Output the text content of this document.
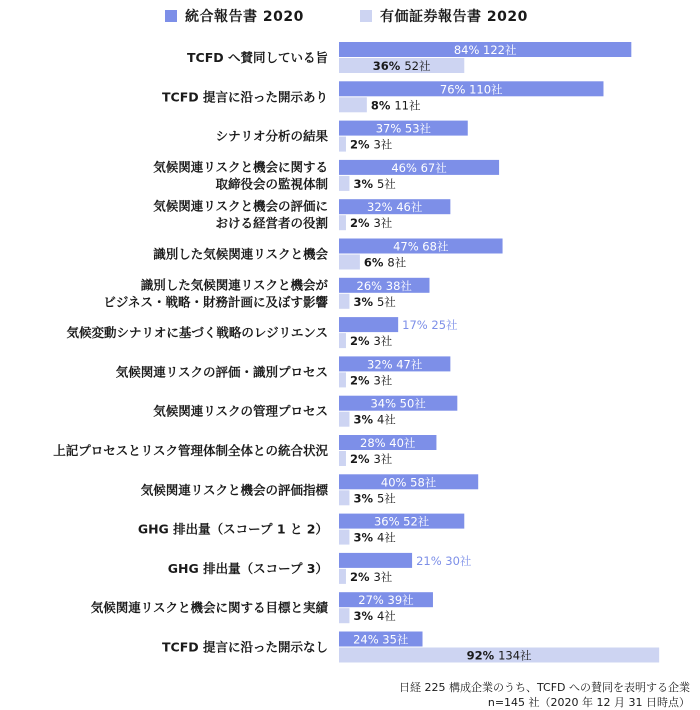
統合報告書 2020	有価証券報告書 2020
TCFD へ賛同している旨	84% 122社
36% 52社
TCFD 提言に沿った開示あり	76% 110社
8% 11社
シナリオ分析の結果	37% 53社
2% 3社
気候関連リスクと機会に関する
取締役会の監視体制
46% 67社
3% 5社
気候関連リスクと機会の評価に
おける経営者の役割
32% 46社
2% 3社
識別した気候関連リスクと機会	47% 68社
6% 8社
識別した気候関連リスクと機会が
ビジネス・戦略・財務計画に及ぼす影響
26% 38社
3% 5社
気候変動シナリオに基づく戦略のレジリエンス	17% 25社
2% 3社
気候関連リスクの評価・識別プロセス	32% 47社
2% 3社
気候関連リスクの管理プロセス	34% 50社
3% 4社
上記プロセスとリスク管理体制全体との統合状況	28% 40社
2% 3社
気候関連リスクと機会の評価指標	40% 58社
3% 5社
GHG 排出量（スコープ 1 と 2）	36% 52社
3% 4社
GHG 排出量（スコープ 3）	21% 30社
2% 3社
気候関連リスクと機会に関する目標と実績	27% 39社
3% 4社
TCFD 提言に沿った開示なし 24% 35社
92% 134社
日経 225 構成企業のうち、TCFD への賛同を表明する企業
n=145 社（2020 年 12 月 31 日時点）
